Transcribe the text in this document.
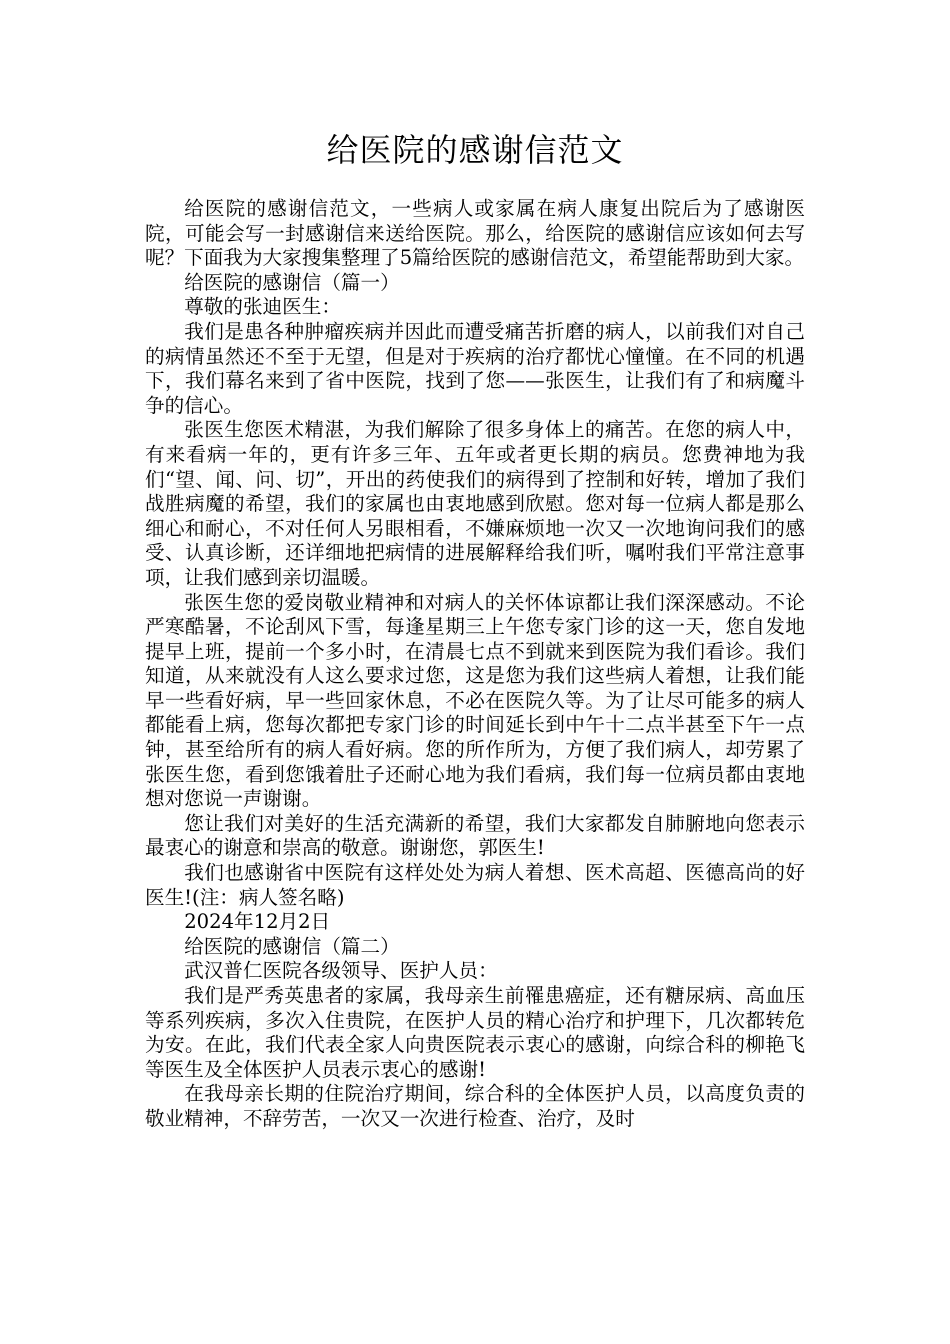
给医院的感谢信范文

给医院的感谢信范文，一些病人或家属在病人康复出院后为了感谢医院，可能会写一封感谢信来送给医院。那么，给医院的感谢信应该如何去写呢？下面我为大家搜集整理了5篇给医院的感谢信范文，希望能帮助到大家。

给医院的感谢信（篇一）

尊敬的张迪医生：

我们是患各种肿瘤疾病并因此而遭受痛苦折磨的病人，以前我们对自己的病情虽然还不至于无望，但是对于疾病的治疗都忧心憧憧。在不同的机遇下，我们幕名来到了省中医院，找到了您——张医生，让我们有了和病魔斗争的信心。

张医生您医术精湛，为我们解除了很多身体上的痛苦。在您的病人中，有来看病一年的，更有许多三年、五年或者更长期的病员。您费神地为我们“望、闻、问、切”，开出的药使我们的病得到了控制和好转，增加了我们战胜病魔的希望，我们的家属也由衷地感到欣慰。您对每一位病人都是那么细心和耐心，不对任何人另眼相看，不嫌麻烦地一次又一次地询问我们的感受、认真诊断，还详细地把病情的进展解释给我们听，嘱咐我们平常注意事项，让我们感到亲切温暖。

张医生您的爱岗敬业精神和对病人的关怀体谅都让我们深深感动。不论严寒酷暑，不论刮风下雪，每逢星期三上午您专家门诊的这一天，您自发地提早上班，提前一个多小时，在清晨七点不到就来到医院为我们看诊。我们知道，从来就没有人这么要求过您，这是您为我们这些病人着想，让我们能早一些看好病，早一些回家休息，不必在医院久等。为了让尽可能多的病人都能看上病，您每次都把专家门诊的时间延长到中午十二点半甚至下午一点钟，甚至给所有的病人看好病。您的所作所为，方便了我们病人，却劳累了张医生您，看到您饿着肚子还耐心地为我们看病，我们每一位病员都由衷地想对您说一声谢谢。

您让我们对美好的生活充满新的希望，我们大家都发自肺腑地向您表示最衷心的谢意和崇高的敬意。谢谢您，郭医生!

我们也感谢省中医院有这样处处为病人着想、医术高超、医德高尚的好医生!(注：病人签名略)

2024年12月2日

给医院的感谢信（篇二）

武汉普仁医院各级领导、医护人员：

我们是严秀英患者的家属，我母亲生前罹患癌症，还有糖尿病、高血压等系列疾病，多次入住贵院，在医护人员的精心治疗和护理下，几次都转危为安。在此，我们代表全家人向贵医院表示衷心的感谢，向综合科的柳艳飞等医生及全体医护人员表示衷心的感谢!

在我母亲长期的住院治疗期间，综合科的全体医护人员，以高度负责的敬业精神，不辞劳苦，一次又一次进行检查、治疗，及时
